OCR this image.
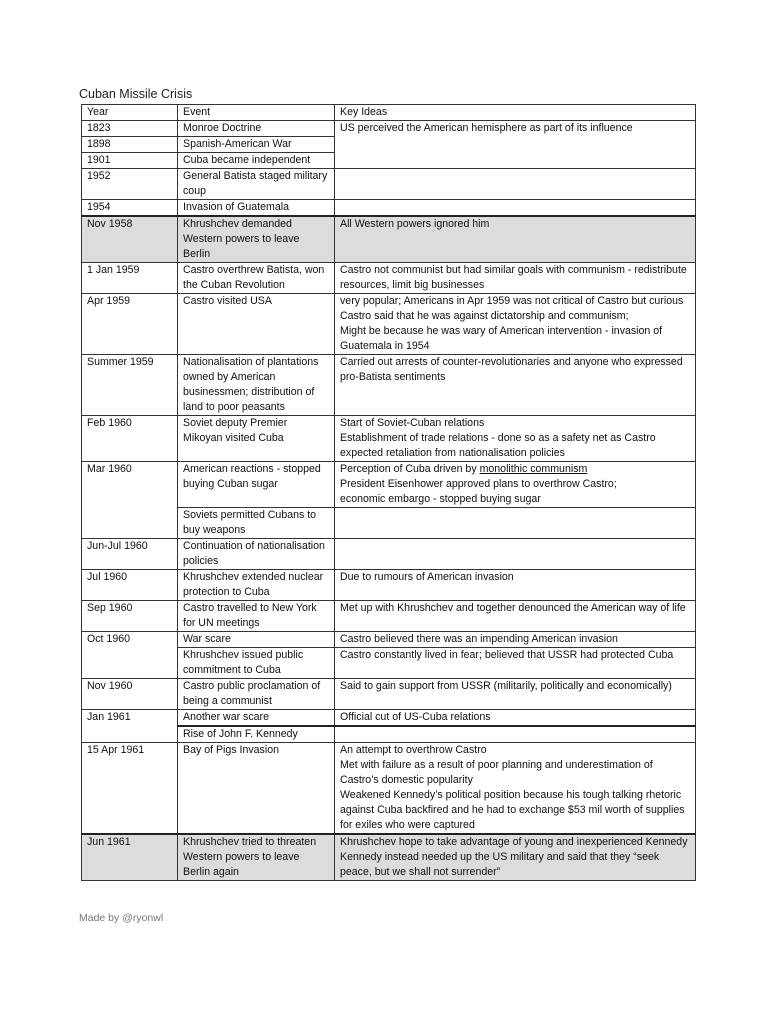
Cuban Missile Crisis
Year	Event	Key Ideas
1823	Monroe Doctrine	US perceived the American hemisphere as part of its influence
1898	Spanish-American War	
1901	Cuba became independent	
1952	General Batista staged military coup	
1954	Invasion of Guatemala	
Nov 1958	Khrushchev demanded Western powers to leave Berlin	All Western powers ignored him
1 Jan 1959	Castro overthrew Batista, won the Cuban Revolution	Castro not communist but had similar goals with communism - redistribute resources, limit big businesses
Apr 1959	Castro visited USA	very popular; Americans in Apr 1959 was not critical of Castro but curious
Castro said that he was against dictatorship and communism;
Might be because he was wary of American intervention - invasion of Guatemala in 1954
Summer 1959	Nationalisation of plantations owned by American businessmen; distribution of land to poor peasants	Carried out arrests of counter-revolutionaries and anyone who expressed pro-Batista sentiments
Feb 1960	Soviet deputy Premier Mikoyan visited Cuba	Start of Soviet-Cuban relations
Establishment of trade relations - done so as a safety net as Castro expected retaliation from nationalisation policies
Mar 1960	American reactions - stopped buying Cuban sugar	Perception of Cuba driven by monolithic communism
President Eisenhower approved plans to overthrow Castro;
economic embargo - stopped buying sugar
	Soviets permitted Cubans to buy weapons	
Jun-Jul 1960	Continuation of nationalisation policies	
Jul 1960	Khrushchev extended nuclear protection to Cuba	Due to rumours of American invasion
Sep 1960	Castro travelled to New York for UN meetings	Met up with Khrushchev and together denounced the American way of life
Oct 1960	War scare	Castro believed there was an impending American invasion
	Khrushchev issued public commitment to Cuba	Castro constantly lived in fear; believed that USSR had protected Cuba
Nov 1960	Castro public proclamation of being a communist	Said to gain support from USSR (militarily, politically and economically)
Jan 1961	Another war scare	Official cut of US-Cuba relations
	Rise of John F. Kennedy	
15 Apr 1961	Bay of Pigs Invasion	An attempt to overthrow Castro
Met with failure as a result of poor planning and underestimation of Castro’s domestic popularity
Weakened Kennedy’s political position because his tough talking rhetoric against Cuba backfired and he had to exchange $53 mil worth of supplies for exiles who were captured
Jun 1961	Khrushchev tried to threaten Western powers to leave Berlin again	Khrushchev hope to take advantage of young and inexperienced Kennedy
Kennedy instead needed up the US military and said that they “seek peace, but we shall not surrender”
Made by @ryonwl
